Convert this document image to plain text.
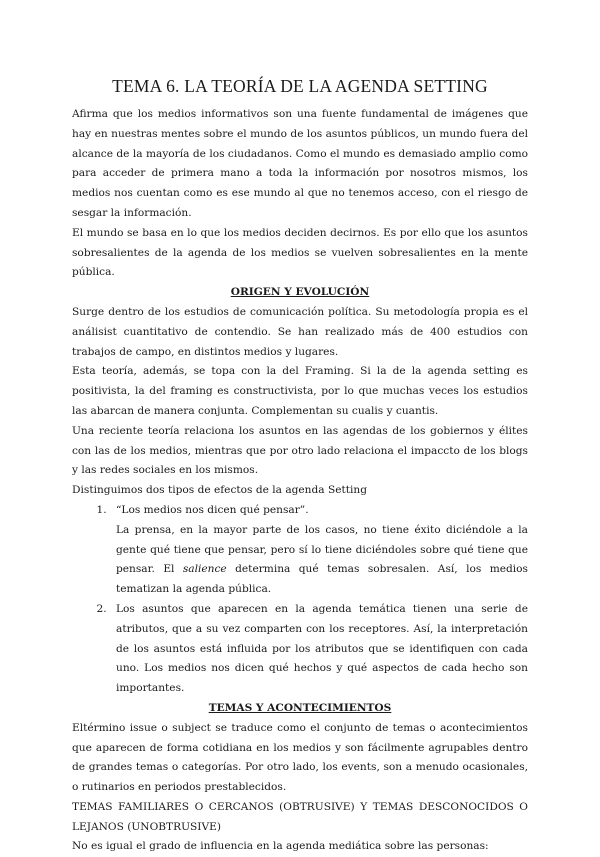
TEMA 6. LA TEORÍA DE LA AGENDA SETTING

Afirma que los medios informativos son una fuente fundamental de imágenes que hay en nuestras mentes sobre el mundo de los asuntos públicos, un mundo fuera del alcance de la mayoría de los ciudadanos. Como el mundo es demasiado amplio como para acceder de primera mano a toda la información por nosotros mismos, los medios nos cuentan como es ese mundo al que no tenemos acceso, con el riesgo de sesgar la información.

El mundo se basa en lo que los medios deciden decirnos. Es por ello que los asuntos sobresalientes de la agenda de los medios se vuelven sobresalientes en la mente pública.

ORIGEN Y EVOLUCIÓN

Surge dentro de los estudios de comunicación política. Su metodología propia es el análisist cuantitativo de contendio. Se han realizado más de 400 estudios con trabajos de campo, en distintos medios y lugares.

Esta teoría, además, se topa con la del Framing. Si la de la agenda setting es positivista, la del framing es constructivista, por lo que muchas veces los estudios las abarcan de manera conjunta. Complementan su cualis y cuantis.

Una reciente teoría relaciona los asuntos en las agendas de los gobiernos y élites con las de los medios, mientras que por otro lado relaciona el impaccto de los blogs y las redes sociales en los mismos.

Distinguimos dos tipos de efectos de la agenda Setting

1. “Los medios nos dicen qué pensar”.
La prensa, en la mayor parte de los casos, no tiene éxito diciéndole a la gente qué tiene que pensar, pero sí lo tiene diciéndoles sobre qué tiene que pensar. El salience determina qué temas sobresalen. Así, los medios tematizan la agenda pública.
2. Los asuntos que aparecen en la agenda temática tienen una serie de atributos, que a su vez comparten con los receptores. Así, la interpretación de los asuntos está influida por los atributos que se identifiquen con cada uno. Los medios nos dicen qué hechos y qué aspectos de cada hecho son importantes.
TEMAS Y ACONTECIMIENTOS

Eltérmino issue o subject se traduce como el conjunto de temas o acontecimientos que aparecen de forma cotidiana en los medios y son fácilmente agrupables dentro de grandes temas o categorías. Por otro lado, los events, son a menudo ocasionales, o rutinarios en periodos prestablecidos.

TEMAS FAMILIARES O CERCANOS (OBTRUSIVE) Y TEMAS DESCONOCIDOS O LEJANOS (UNOBTRUSIVE)

No es igual el grado de influencia en la agenda mediática sobre las personas:
